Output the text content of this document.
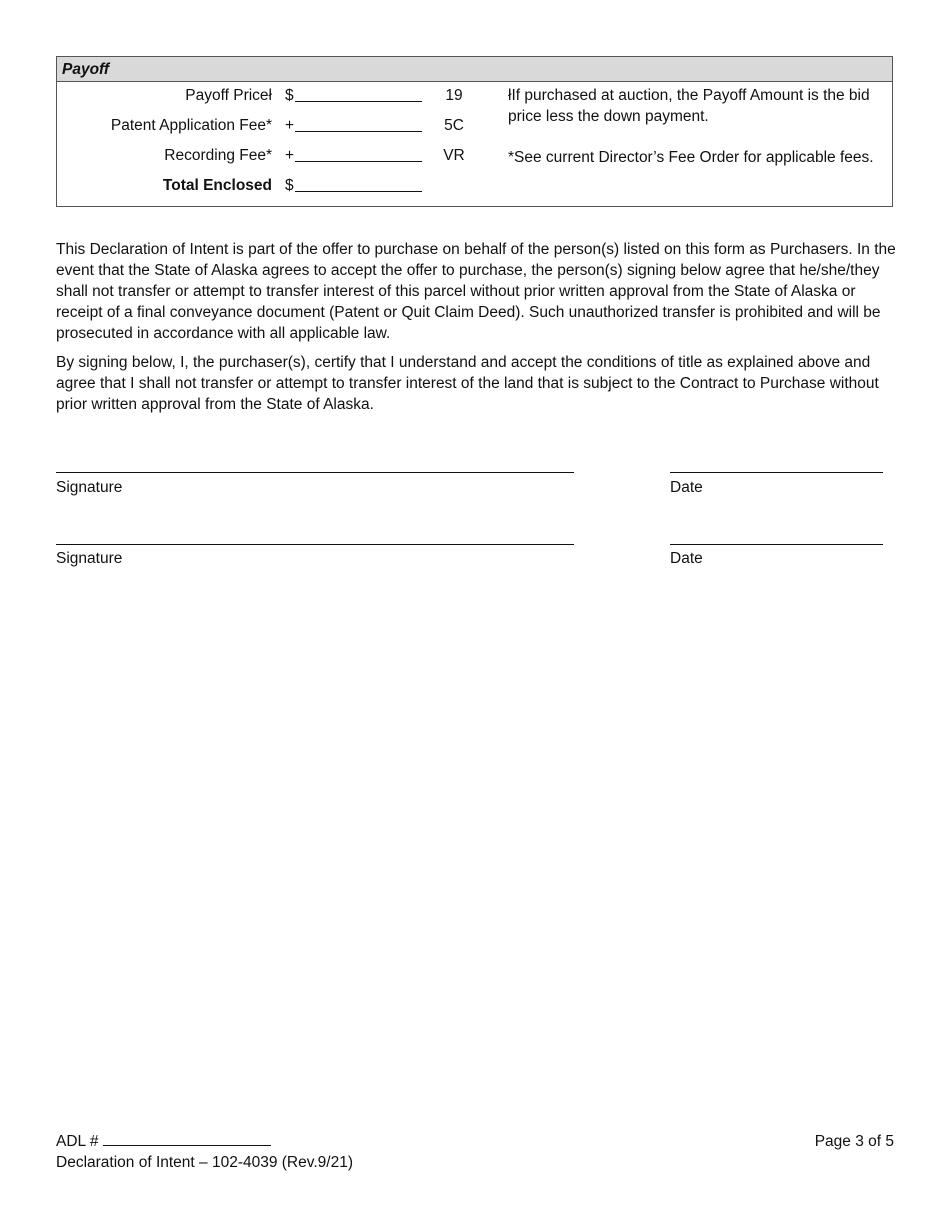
Payoff
Payoff Priceł $	19
Patent Application Fee* +	5C
Recording Fee* +	VR
Total Enclosed $
łIf purchased at auction, the Payoff Amount is the bid price less the down payment.
*See current Director’s Fee Order for applicable fees.

This Declaration of Intent is part of the offer to purchase on behalf of the person(s) listed on this form as Purchasers. In the event that the State of Alaska agrees to accept the offer to purchase, the person(s) signing below agree that he/she/they shall not transfer or attempt to transfer interest of this parcel without prior written approval from the State of Alaska or receipt of a final conveyance document (Patent or Quit Claim Deed). Such unauthorized transfer is prohibited and will be prosecuted in accordance with all applicable law.

By signing below, I, the purchaser(s), certify that I understand and accept the conditions of title as explained above and agree that I shall not transfer or attempt to transfer interest of the land that is subject to the Contract to Purchase without prior written approval from the State of Alaska.

Signature	Date
Signature	Date
ADL #
Declaration of Intent – 102-4039 (Rev.9/21)
Page 3 of 5
